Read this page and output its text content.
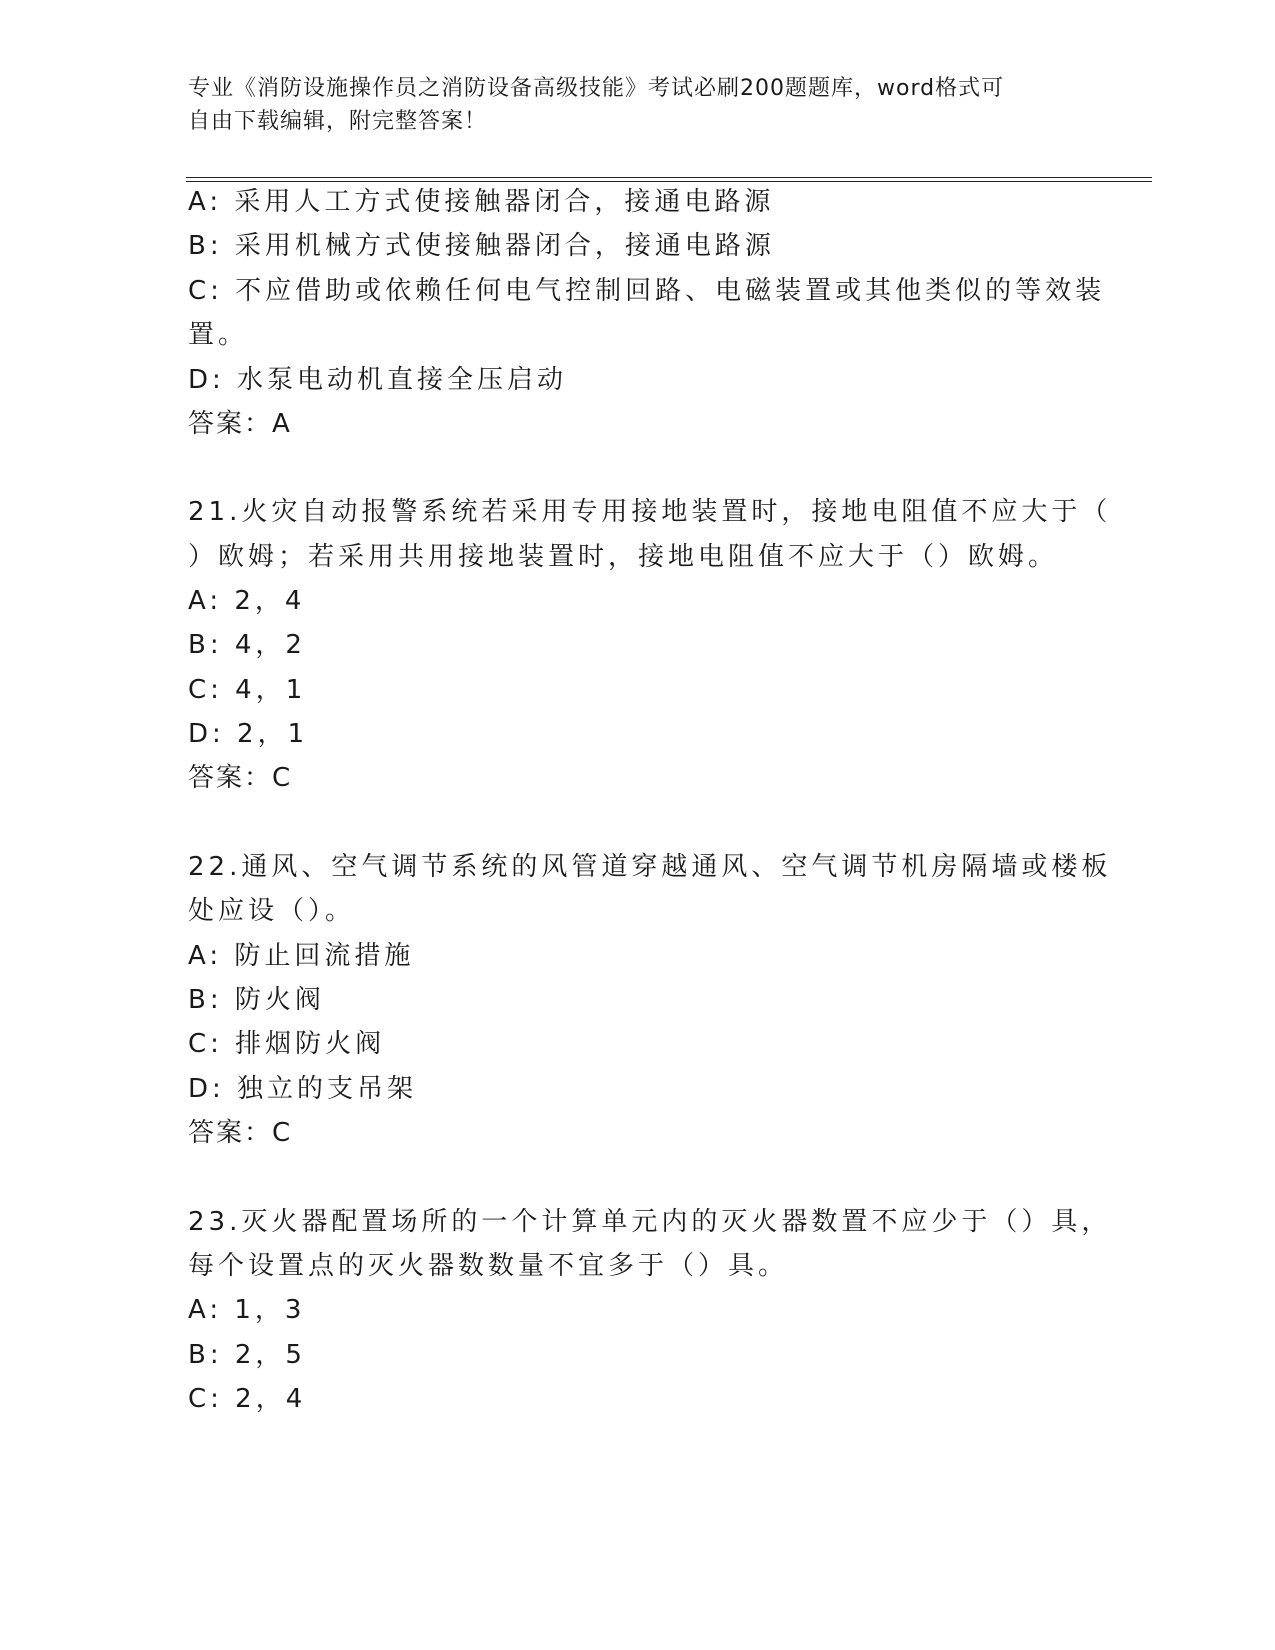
专业《消防设施操作员之消防设备高级技能》考试必刷200题题库，word格式可
自由下载编辑，附完整答案！
A: 采用人工方式使接触器闭合，接通电路源
B: 采用机械方式使接触器闭合，接通电路源
C: 不应借助或依赖任何电气控制回路、电磁装置或其他类似的等效装
置。
D: 水泵电动机直接全压启动
答案：A
21.火灾自动报警系统若采用专用接地装置时，接地电阻值不应大于（
）欧姆；若采用共用接地装置时，接地电阻值不应大于（）欧姆。
A: 2，4
B: 4，2
C: 4，1
D: 2，1
答案：C
22.通风、空气调节系统的风管道穿越通风、空气调节机房隔墙或楼板
处应设（）。
A: 防止回流措施
B: 防火阀
C: 排烟防火阀
D: 独立的支吊架
答案：C
23.灭火器配置场所的一个计算单元内的灭火器数置不应少于（）具，
每个设置点的灭火器数数量不宜多于（）具。
A: 1，3
B: 2，5
C: 2，4
